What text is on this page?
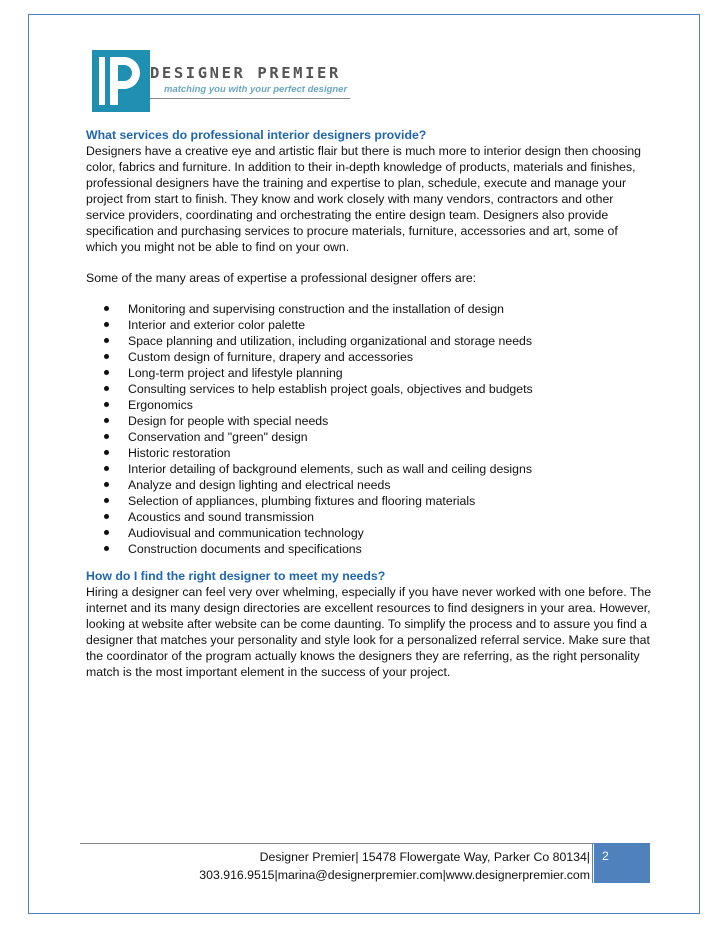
DESIGNER PREMIER
matching you with your perfect designer

What services do professional interior designers provide?

Designers have a creative eye and artistic flair but there is much more to interior design then choosing color, fabrics and furniture. In addition to their in-depth knowledge of products, materials and finishes, professional designers have the training and expertise to plan, schedule, execute and manage your project from start to finish. They know and work closely with many vendors, contractors and other service providers, coordinating and orchestrating the entire design team. Designers also provide specification and purchasing services to procure materials, furniture, accessories and art, some of which you might not be able to find on your own.

Some of the many areas of expertise a professional designer offers are:

Monitoring and supervising construction and the installation of design
Interior and exterior color palette
Space planning and utilization, including organizational and storage needs
Custom design of furniture, drapery and accessories
Long-term project and lifestyle planning
Consulting services to help establish project goals, objectives and budgets
Ergonomics
Design for people with special needs
Conservation and "green" design
Historic restoration
Interior detailing of background elements, such as wall and ceiling designs
Analyze and design lighting and electrical needs
Selection of appliances, plumbing fixtures and flooring materials
Acoustics and sound transmission
Audiovisual and communication technology
Construction documents and specifications

How do I find the right designer to meet my needs?

Hiring a designer can feel very over whelming, especially if you have never worked with one before. The internet and its many design directories are excellent resources to find designers in your area. However, looking at website after website can be come daunting. To simplify the process and to assure you find a designer that matches your personality and style look for a personalized referral service. Make sure that the coordinator of the program actually knows the designers they are referring, as the right personality match is the most important element in the success of your project.

Designer Premier| 15478 Flowergate Way, Parker Co 80134|
303.916.9515|marina@designerpremier.com|www.designerpremier.com
2
